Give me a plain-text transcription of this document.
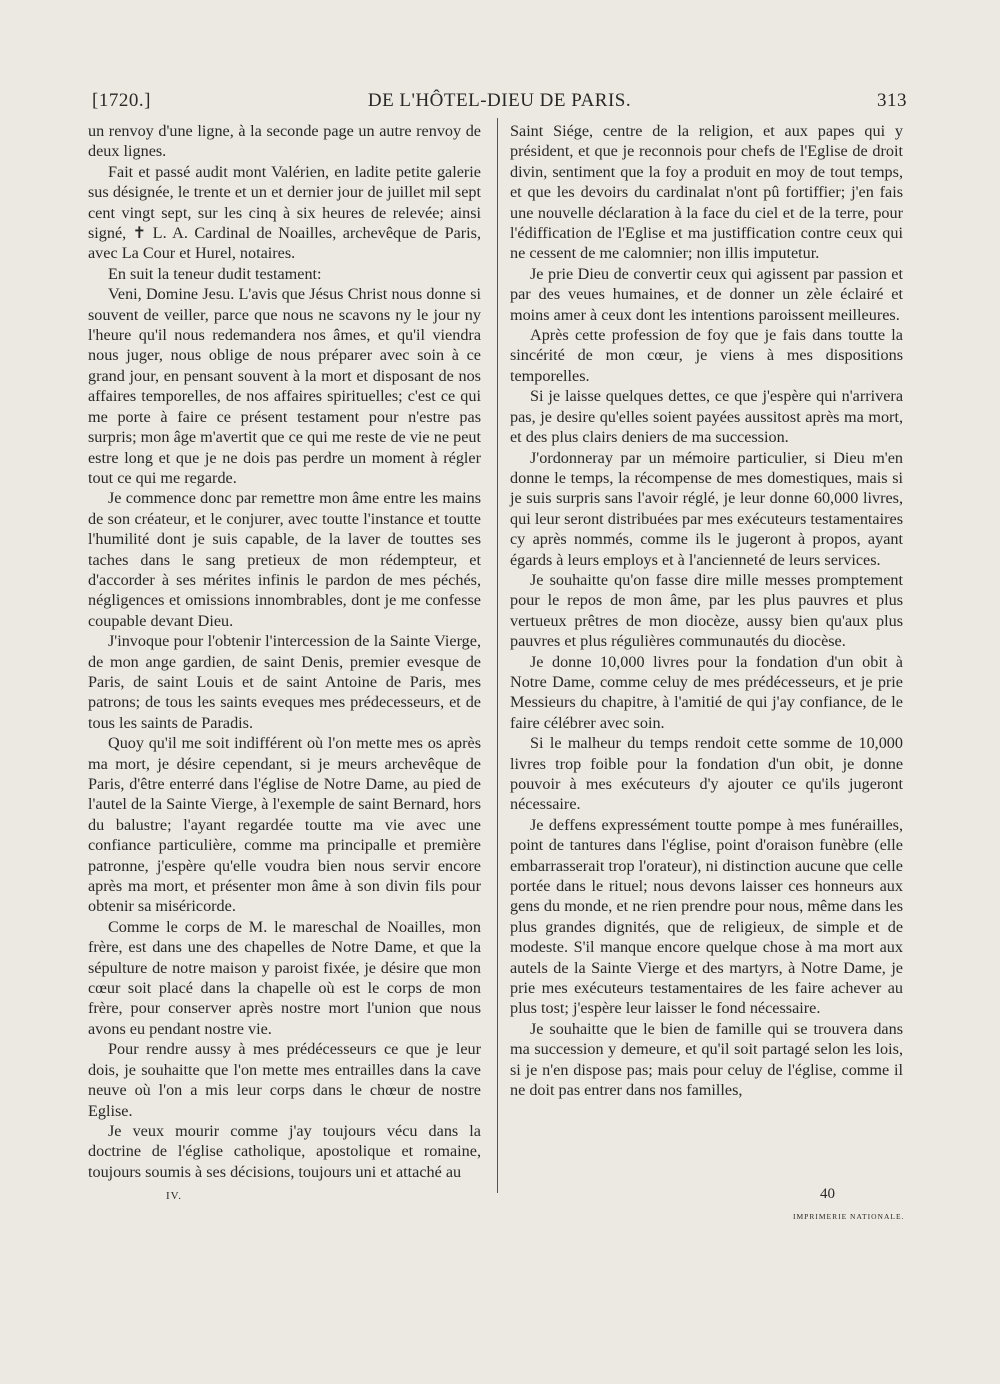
DE L'HÔTEL-DIEU DE PARIS.
[1720.]	313

un renvoy d'une ligne, à la seconde page un autre renvoy de deux lignes.

Fait et passé audit mont Valérien, en ladite petite galerie sus désignée, le trente et un et dernier jour de juillet mil sept cent vingt sept, sur les cinq à six heures de relevée; ainsi signé, ✝ L. A. Cardinal de Noailles, archevêque de Paris, avec La Cour et Hurel, notaires.

En suit la teneur dudit testament:

Veni, Domine Jesu. L'avis que Jésus Christ nous donne si souvent de veiller, parce que nous ne scavons ny le jour ny l'heure qu'il nous redemandera nos âmes, et qu'il viendra nous juger, nous oblige de nous préparer avec soin à ce grand jour, en pensant souvent à la mort et disposant de nos affaires temporelles, de nos affaires spirituelles; c'est ce qui me porte à faire ce présent testament pour n'estre pas surpris; mon âge m'avertit que ce qui me reste de vie ne peut estre long et que je ne dois pas perdre un moment à régler tout ce qui me regarde.

Je commence donc par remettre mon âme entre les mains de son créateur, et le conjurer, avec toutte l'instance et toutte l'humilité dont je suis capable, de la laver de touttes ses taches dans le sang pretieux de mon rédempteur, et d'accorder à ses mérites infinis le pardon de mes péchés, négligences et omissions innombrables, dont je me confesse coupable devant Dieu.

J'invoque pour l'obtenir l'intercession de la Sainte Vierge, de mon ange gardien, de saint Denis, premier evesque de Paris, de saint Louis et de saint Antoine de Paris, mes patrons; de tous les saints eveques mes prédecesseurs, et de tous les saints de Paradis.

Quoy qu'il me soit indifférent où l'on mette mes os après ma mort, je désire cependant, si je meurs archevêque de Paris, d'être enterré dans l'église de Notre Dame, au pied de l'autel de la Sainte Vierge, à l'exemple de saint Bernard, hors du balustre; l'ayant regardée toutte ma vie avec une confiance particulière, comme ma principalle et première patronne, j'espère qu'elle voudra bien nous servir encore après ma mort, et présenter mon âme à son divin fils pour obtenir sa miséricorde.

Comme le corps de M. le mareschal de Noailles, mon frère, est dans une des chapelles de Notre Dame, et que la sépulture de notre maison y paroist fixée, je désire que mon cœur soit placé dans la chapelle où est le corps de mon frère, pour conserver après nostre mort l'union que nous avons eu pendant nostre vie.

Pour rendre aussy à mes prédécesseurs ce que je leur dois, je souhaitte que l'on mette mes entrailles dans la cave neuve où l'on a mis leur corps dans le chœur de nostre Eglise.

Je veux mourir comme j'ay toujours vécu dans la doctrine de l'église catholique, apostolique et romaine, toujours soumis à ses décisions, toujours uni et attaché au

Saint Siége, centre de la religion, et aux papes qui y président, et que je reconnois pour chefs de l'Eglise de droit divin, sentiment que la foy a produit en moy de tout temps, et que les devoirs du cardinalat n'ont pû fortiffier; j'en fais une nouvelle déclaration à la face du ciel et de la terre, pour l'édiffication de l'Eglise et ma justiffication contre ceux qui ne cessent de me calomnier; non illis imputetur.

Je prie Dieu de convertir ceux qui agissent par passion et par des veues humaines, et de donner un zèle éclairé et moins amer à ceux dont les intentions paroissent meilleures.

Après cette profession de foy que je fais dans toutte la sincérité de mon cœur, je viens à mes dispositions temporelles.

Si je laisse quelques dettes, ce que j'espère qui n'arrivera pas, je desire qu'elles soient payées aussitost après ma mort, et des plus clairs deniers de ma succession.

J'ordonneray par un mémoire particulier, si Dieu m'en donne le temps, la récompense de mes domestiques, mais si je suis surpris sans l'avoir réglé, je leur donne 60,000 livres, qui leur seront distribuées par mes exécuteurs testamentaires cy après nommés, comme ils le jugeront à propos, ayant égards à leurs employs et à l'ancienneté de leurs services.

Je souhaitte qu'on fasse dire mille messes promptement pour le repos de mon âme, par les plus pauvres et plus vertueux prêtres de mon diocèze, aussy bien qu'aux plus pauvres et plus régulières communautés du diocèse.

Je donne 10,000 livres pour la fondation d'un obit à Notre Dame, comme celuy de mes prédécesseurs, et je prie Messieurs du chapitre, à l'amitié de qui j'ay confiance, de le faire célébrer avec soin.

Si le malheur du temps rendoit cette somme de 10,000 livres trop foible pour la fondation d'un obit, je donne pouvoir à mes exécuteurs d'y ajouter ce qu'ils jugeront nécessaire.

Je deffens expressément toutte pompe à mes funérailles, point de tantures dans l'église, point d'oraison funèbre (elle embarrasserait trop l'orateur), ni distinction aucune que celle portée dans le rituel; nous devons laisser ces honneurs aux gens du monde, et ne rien prendre pour nous, même dans les plus grandes dignités, que de religieux, de simple et de modeste. S'il manque encore quelque chose à ma mort aux autels de la Sainte Vierge et des martyrs, à Notre Dame, je prie mes exécuteurs testamentaires de les faire achever au plus tost; j'espère leur laisser le fond nécessaire.

Je souhaitte que le bien de famille qui se trouvera dans ma succession y demeure, et qu'il soit partagé selon les lois, si je n'en dispose pas; mais pour celuy de l'église, comme il ne doit pas entrer dans nos familles,

IV.	40
IMPRIMERIE NATIONALE.
